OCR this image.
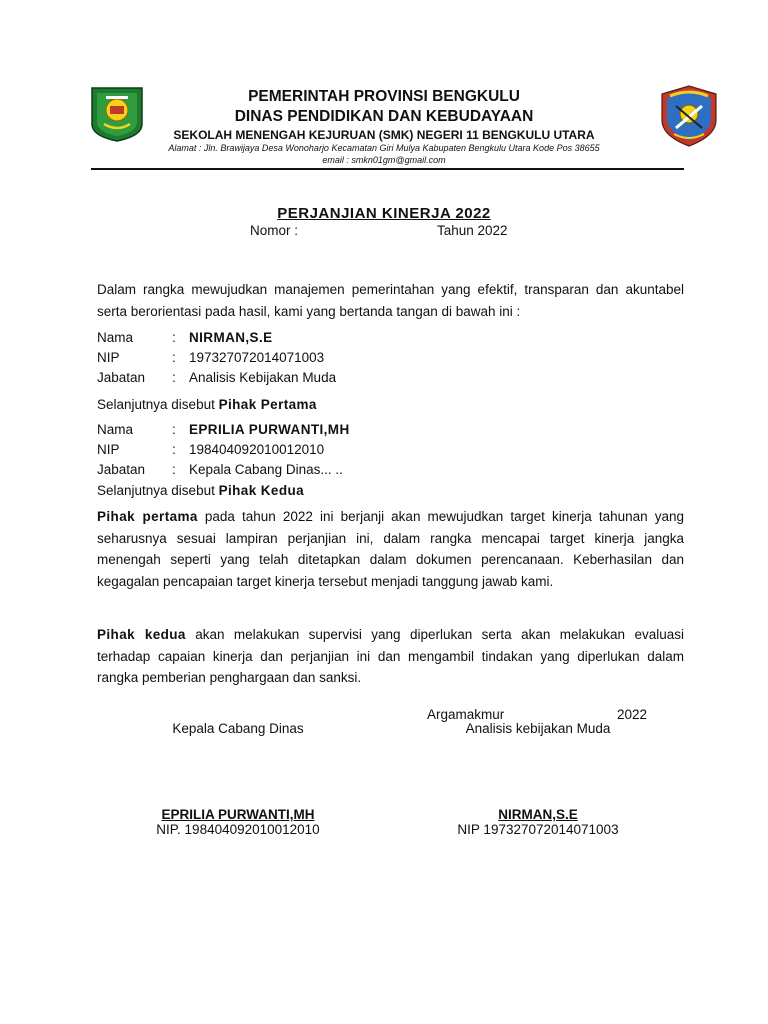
PEMERINTAH PROVINSI BENGKULU
DINAS PENDIDIKAN DAN KEBUDAYAAN
SEKOLAH MENENGAH KEJURUAN (SMK) NEGERI 11 BENGKULU UTARA
Alamat : Jln. Brawijaya Desa Wonoharjo Kecamatan Giri Mulya Kabupaten Bengkulu Utara Kode Pos 38655
email : smkn01gm@gmail.com
PERJANJIAN KINERJA 2022
Nomor :	Tahun 2022
Dalam rangka mewujudkan manajemen pemerintahan yang efektif, transparan dan akuntabel serta berorientasi pada hasil, kami yang bertanda tangan di bawah ini :
Nama	: NIRMAN,S.E
NIP	: 197327072014071003
Jabatan : Analisis Kebijakan Muda
Selanjutnya disebut Pihak Pertama
Nama	: EPRILIA PURWANTI,MH
NIP	: 198404092010012010
Jabatan : Kepala Cabang Dinas... ..
Selanjutnya disebut Pihak Kedua
Pihak pertama pada tahun 2022 ini berjanji akan mewujudkan target kinerja tahunan yang seharusnya sesuai lampiran perjanjian ini, dalam rangka mencapai target kinerja jangka menengah seperti yang telah ditetapkan dalam dokumen perencanaan. Keberhasilan dan kegagalan pencapaian target kinerja tersebut menjadi tanggung jawab kami.
Pihak kedua akan melakukan supervisi yang diperlukan serta akan melakukan evaluasi terhadap capaian kinerja dan perjanjian ini dan mengambil tindakan yang diperlukan dalam rangka pemberian penghargaan dan sanksi.
Argamakmur	2022
Kepala Cabang Dinas	Analisis kebijakan Muda
EPRILIA PURWANTI,MH
NIP. 198404092010012010
NIRMAN,S.E
NIP 197327072014071003
